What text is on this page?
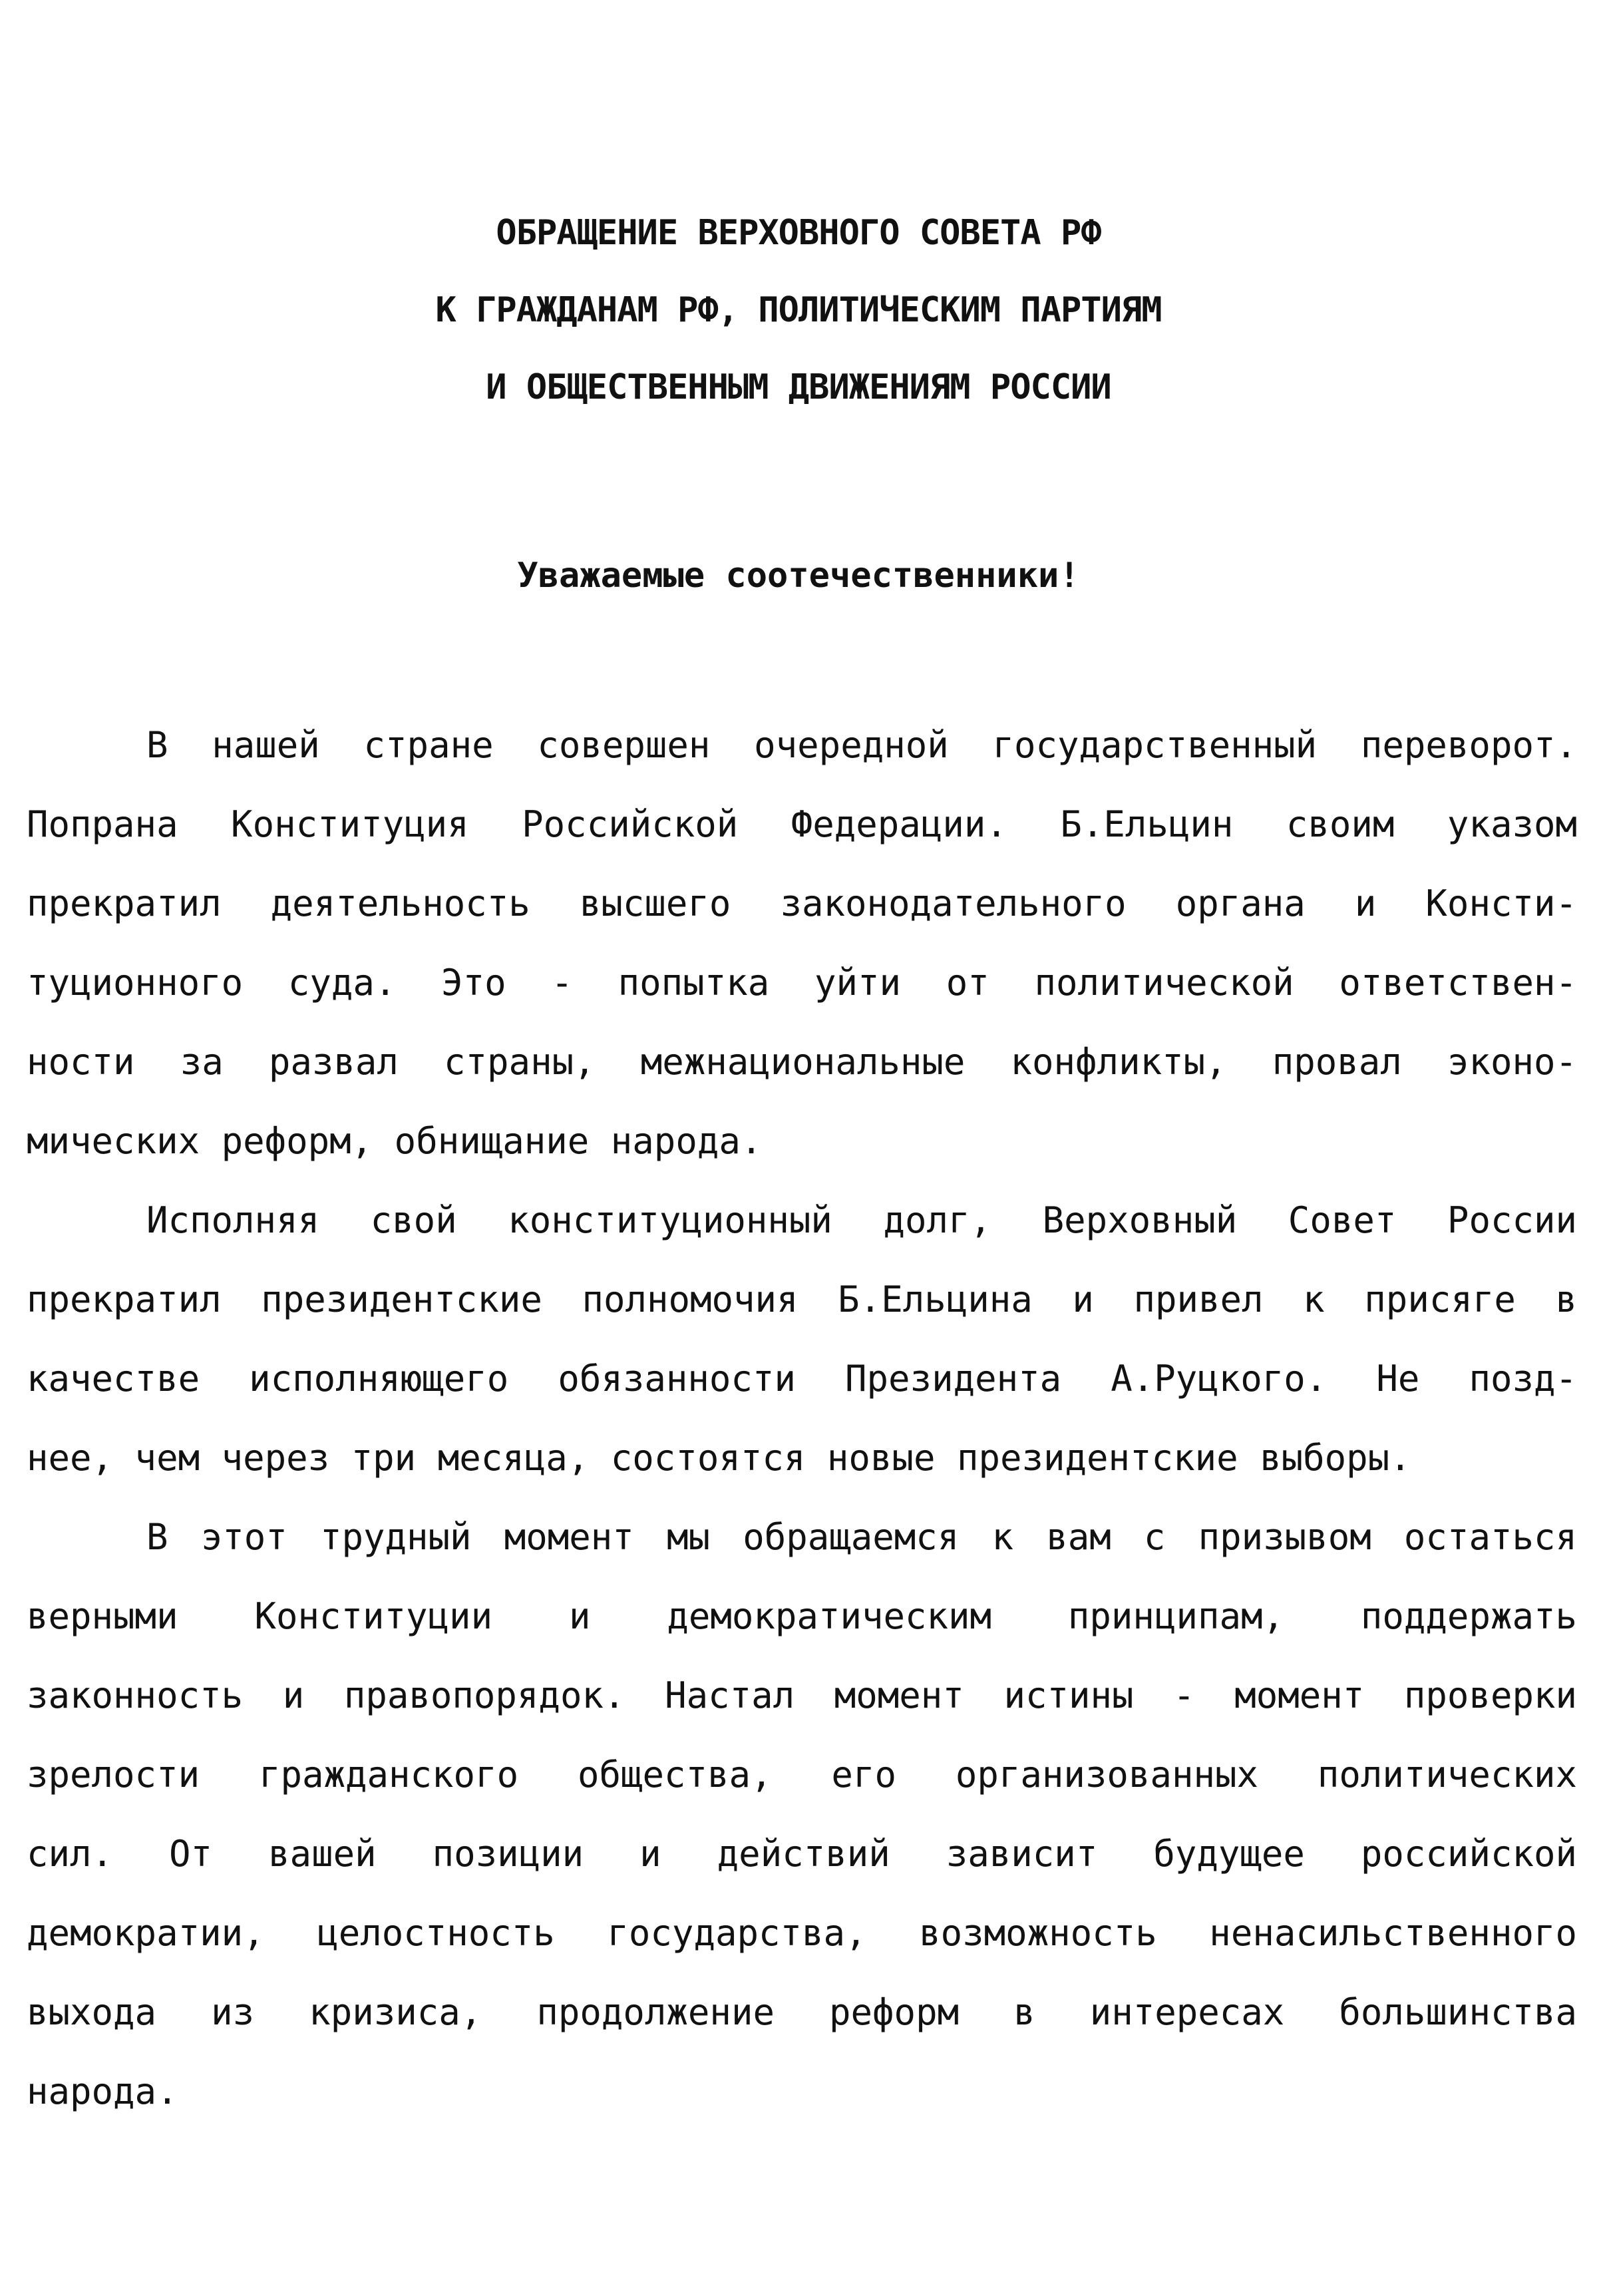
ОБРАЩЕНИЕ ВЕРХОВНОГО СОВЕТА РФ
К ГРАЖДАНАМ РФ, ПОЛИТИЧЕСКИМ ПАРТИЯМ
И ОБЩЕСТВЕННЫМ ДВИЖЕНИЯМ РОССИИ
Уважаемые соотечественники!
В нашей стране совершен очередной государственный переворот.
Попрана Конституция Российской Федерации. Б.Ельцин своим указом
прекратил деятельность высшего законодательного органа и Консти-
туционного суда. Это - попытка уйти от политической ответствен-
ности за развал страны, межнациональные конфликты, провал эконо-
мических реформ, обнищание народа.
Исполняя свой конституционный долг, Верховный Совет России
прекратил президентские полномочия Б.Ельцина и привел к присяге в
качестве исполняющего обязанности Президента А.Руцкого. Не позд-
нее, чем через три месяца, состоятся новые президентские выборы.
В этот трудный момент мы обращаемся к вам с призывом остаться
верными Конституции и демократическим принципам, поддержать
законность и правопорядок. Настал момент истины - момент проверки
зрелости гражданского общества, его организованных политических
сил. От вашей позиции и действий зависит будущее российской
демократии, целостность государства, возможность ненасильственного
выхода из кризиса, продолжение реформ в интересах большинства
народа.
